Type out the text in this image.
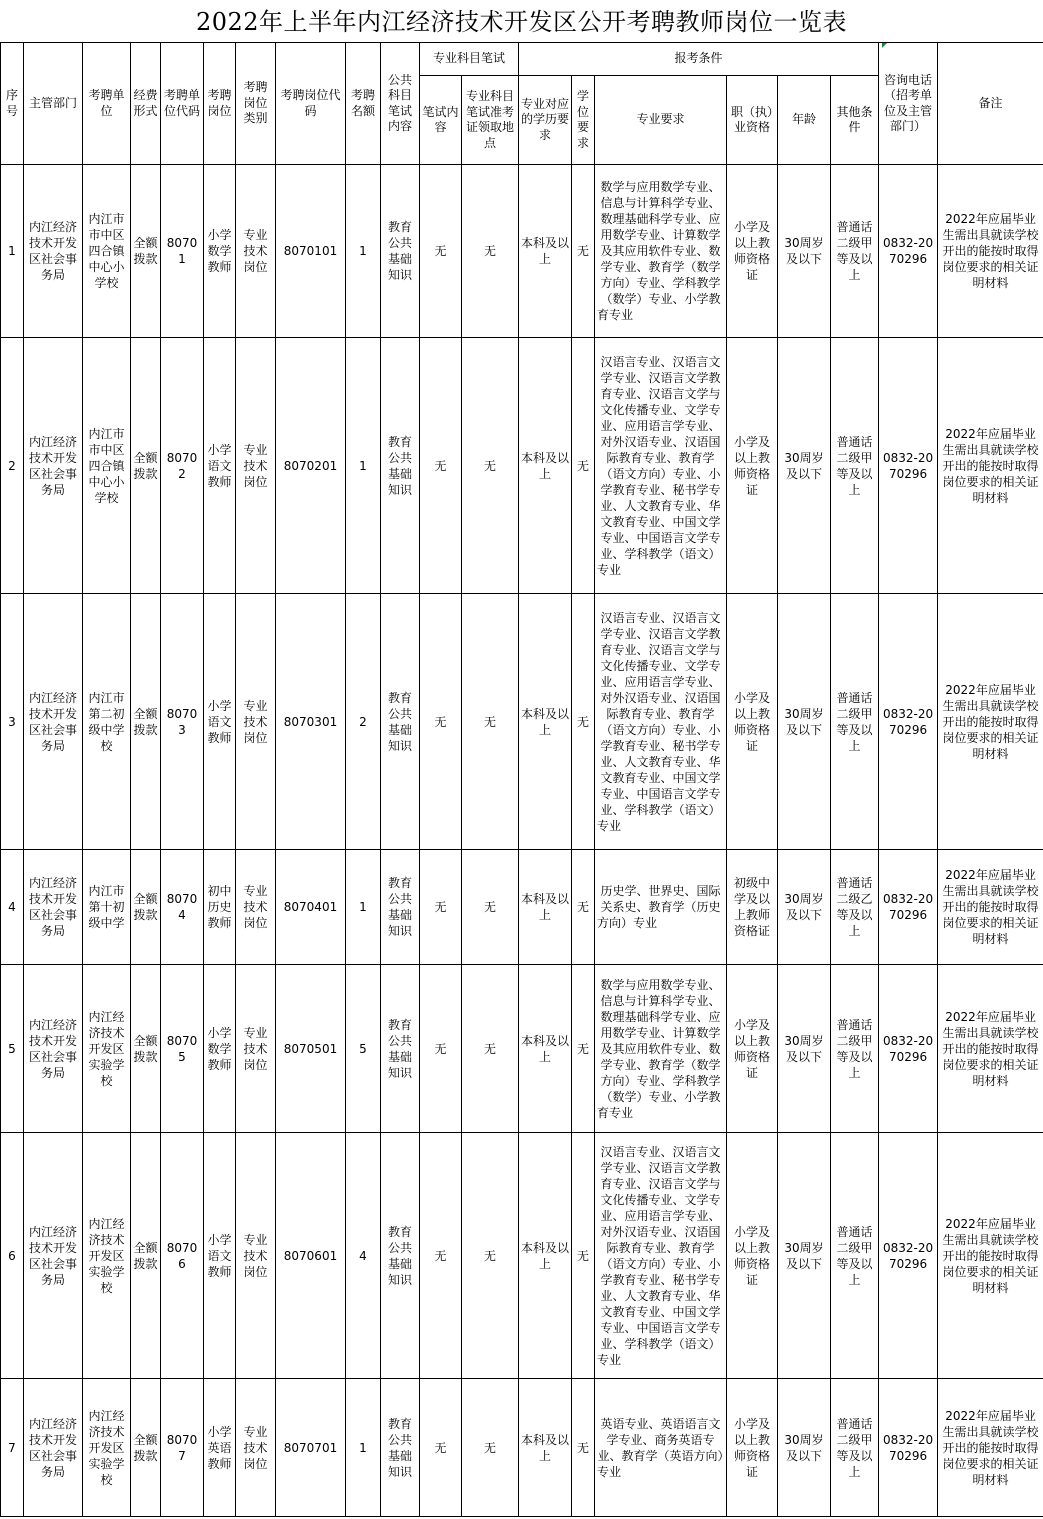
2022年上半年内江经济技术开发区公开考聘教师岗位一览表
序号	主管部门	考聘单位	经费形式	考聘单位代码	考聘岗位	考聘岗位类别	考聘岗位代码	考聘名额	公共科目笔试内容	专业科目笔试		报考条件						咨询电话（招考单位及主管部门）	备注
										笔试内容	专业科目笔试准考证领取地点	专业对应的学历要求	学位要求	专业要求	职（执）业资格	年龄	其他条件		
1	内江经济技术开发区社会事务局	内江市市中区四合镇中心小学校	全额拨款	80701	小学数学教师	专业技术岗位	8070101	1	教育公共基础知识	无	无	本科及以上	无	数学与应用数学专业、信息与计算科学专业、数理基础科学专业、应用数学专业、计算数学及其应用软件专业、数学专业、教育学（数学方向）专业、学科教学（数学）专业、小学教育专业	小学及以上教师资格证	30周岁及以下	普通话二级甲等及以上	0832-2070296	2022年应届毕业生需出具就读学校开出的能按时取得岗位要求的相关证明材料
2	内江经济技术开发区社会事务局	内江市市中区四合镇中心小学校	全额拨款	80702	小学语文教师	专业技术岗位	8070201	1	教育公共基础知识	无	无	本科及以上	无	汉语言专业、汉语言文学专业、汉语言文学教育专业、汉语言文学与文化传播专业、文学专业、应用语言学专业、对外汉语专业、汉语国际教育专业、教育学（语文方向）专业、小学教育专业、秘书学专业、人文教育专业、华文教育专业、中国文学专业、中国语言文学专业、学科教学（语文）专业	小学及以上教师资格证	30周岁及以下	普通话二级甲等及以上	0832-2070296	2022年应届毕业生需出具就读学校开出的能按时取得岗位要求的相关证明材料
3	内江经济技术开发区社会事务局	内江市第二初级中学校	全额拨款	80703	小学语文教师	专业技术岗位	8070301	2	教育公共基础知识	无	无	本科及以上	无	汉语言专业、汉语言文学专业、汉语言文学教育专业、汉语言文学与文化传播专业、文学专业、应用语言学专业、对外汉语专业、汉语国际教育专业、教育学（语文方向）专业、小学教育专业、秘书学专业、人文教育专业、华文教育专业、中国文学专业、中国语言文学专业、学科教学（语文）专业	小学及以上教师资格证	30周岁及以下	普通话二级甲等及以上	0832-2070296	2022年应届毕业生需出具就读学校开出的能按时取得岗位要求的相关证明材料
4	内江经济技术开发区社会事务局	内江市第十初级中学	全额拨款	80704	初中历史教师	专业技术岗位	8070401	1	教育公共基础知识	无	无	本科及以上	无	历史学、世界史、国际关系史、教育学（历史方向）专业	初级中学及以上教师资格证	30周岁及以下	普通话二级乙等及以上	0832-2070296	2022年应届毕业生需出具就读学校开出的能按时取得岗位要求的相关证明材料
5	内江经济技术开发区社会事务局	内江经济技术开发区实验学校	全额拨款	80705	小学数学教师	专业技术岗位	8070501	5	教育公共基础知识	无	无	本科及以上	无	数学与应用数学专业、信息与计算科学专业、数理基础科学专业、应用数学专业、计算数学及其应用软件专业、数学专业、教育学（数学方向）专业、学科教学（数学）专业、小学教育专业	小学及以上教师资格证	30周岁及以下	普通话二级甲等及以上	0832-2070296	2022年应届毕业生需出具就读学校开出的能按时取得岗位要求的相关证明材料
6	内江经济技术开发区社会事务局	内江经济技术开发区实验学校	全额拨款	80706	小学语文教师	专业技术岗位	8070601	4	教育公共基础知识	无	无	本科及以上	无	汉语言专业、汉语言文学专业、汉语言文学教育专业、汉语言文学与文化传播专业、文学专业、应用语言学专业、对外汉语专业、汉语国际教育专业、教育学（语文方向）专业、小学教育专业、秘书学专业、人文教育专业、华文教育专业、中国文学专业、中国语言文学专业、学科教学（语文）专业	小学及以上教师资格证	30周岁及以下	普通话二级甲等及以上	0832-2070296	2022年应届毕业生需出具就读学校开出的能按时取得岗位要求的相关证明材料
7	内江经济技术开发区社会事务局	内江经济技术开发区实验学校	全额拨款	80707	小学英语教师	专业技术岗位	8070701	1	教育公共基础知识	无	无	本科及以上	无	英语专业、英语语言文学专业、商务英语专业、教育学（英语方向）专业	小学及以上教师资格证	30周岁及以下	普通话二级甲等及以上	0832-2070296	2022年应届毕业生需出具就读学校开出的能按时取得岗位要求的相关证明材料
